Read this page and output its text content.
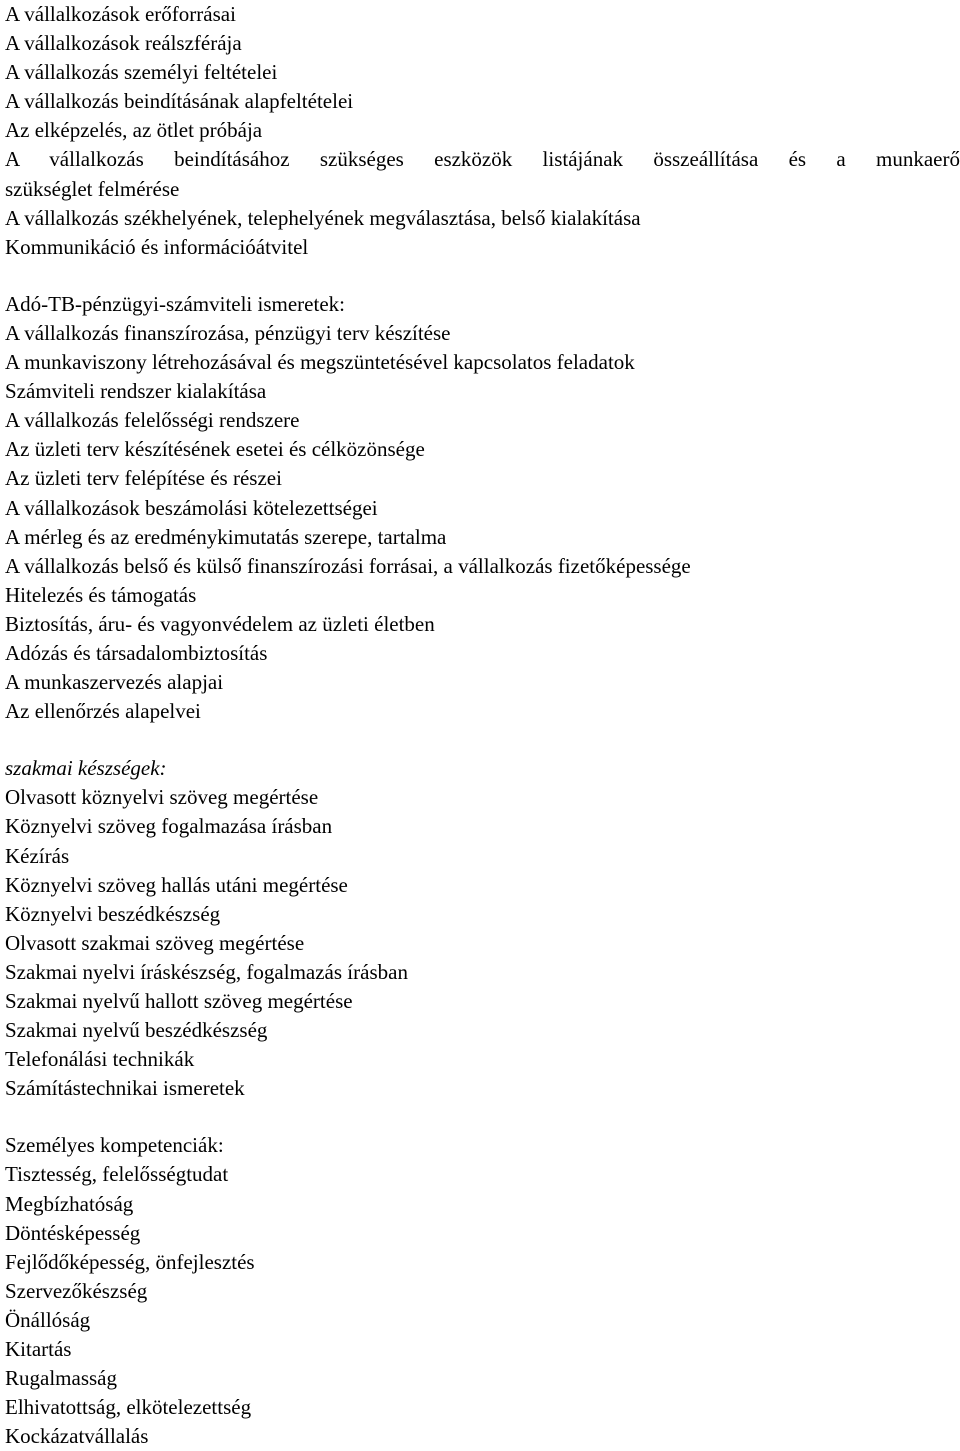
A vállalkozások erőforrásai
A vállalkozások reálszférája
A vállalkozás személyi feltételei
A vállalkozás beindításának alapfeltételei
Az elképzelés, az ötlet próbája
A vállalkozás beindításához szükséges eszközök listájának összeállítása és a munkaerő
szükséglet felmérése
A vállalkozás székhelyének, telephelyének megválasztása, belső kialakítása
Kommunikáció és információátvitel
Adó-TB-pénzügyi-számviteli ismeretek:
A vállalkozás finanszírozása, pénzügyi terv készítése
A munkaviszony létrehozásával és megszüntetésével kapcsolatos feladatok
Számviteli rendszer kialakítása
A vállalkozás felelősségi rendszere
Az üzleti terv készítésének esetei és célközönsége
Az üzleti terv felépítése és részei
A vállalkozások beszámolási kötelezettségei
A mérleg és az eredménykimutatás szerepe, tartalma
A vállalkozás belső és külső finanszírozási forrásai, a vállalkozás fizetőképessége
Hitelezés és támogatás
Biztosítás, áru- és vagyonvédelem az üzleti életben
Adózás és társadalombiztosítás
A munkaszervezés alapjai
Az ellenőrzés alapelvei
szakmai készségek:
Olvasott köznyelvi szöveg megértése
Köznyelvi szöveg fogalmazása írásban
Kézírás
Köznyelvi szöveg hallás utáni megértése
Köznyelvi beszédkészség
Olvasott szakmai szöveg megértése
Szakmai nyelvi íráskészség, fogalmazás írásban
Szakmai nyelvű hallott szöveg megértése
Szakmai nyelvű beszédkészség
Telefonálási technikák
Számítástechnikai ismeretek
Személyes kompetenciák:
Tisztesség, felelősségtudat
Megbízhatóság
Döntésképesség
Fejlődőképesség, önfejlesztés
Szervezőkészség
Önállóság
Kitartás
Rugalmasság
Elhivatottság, elkötelezettség
Kockázatvállalás
